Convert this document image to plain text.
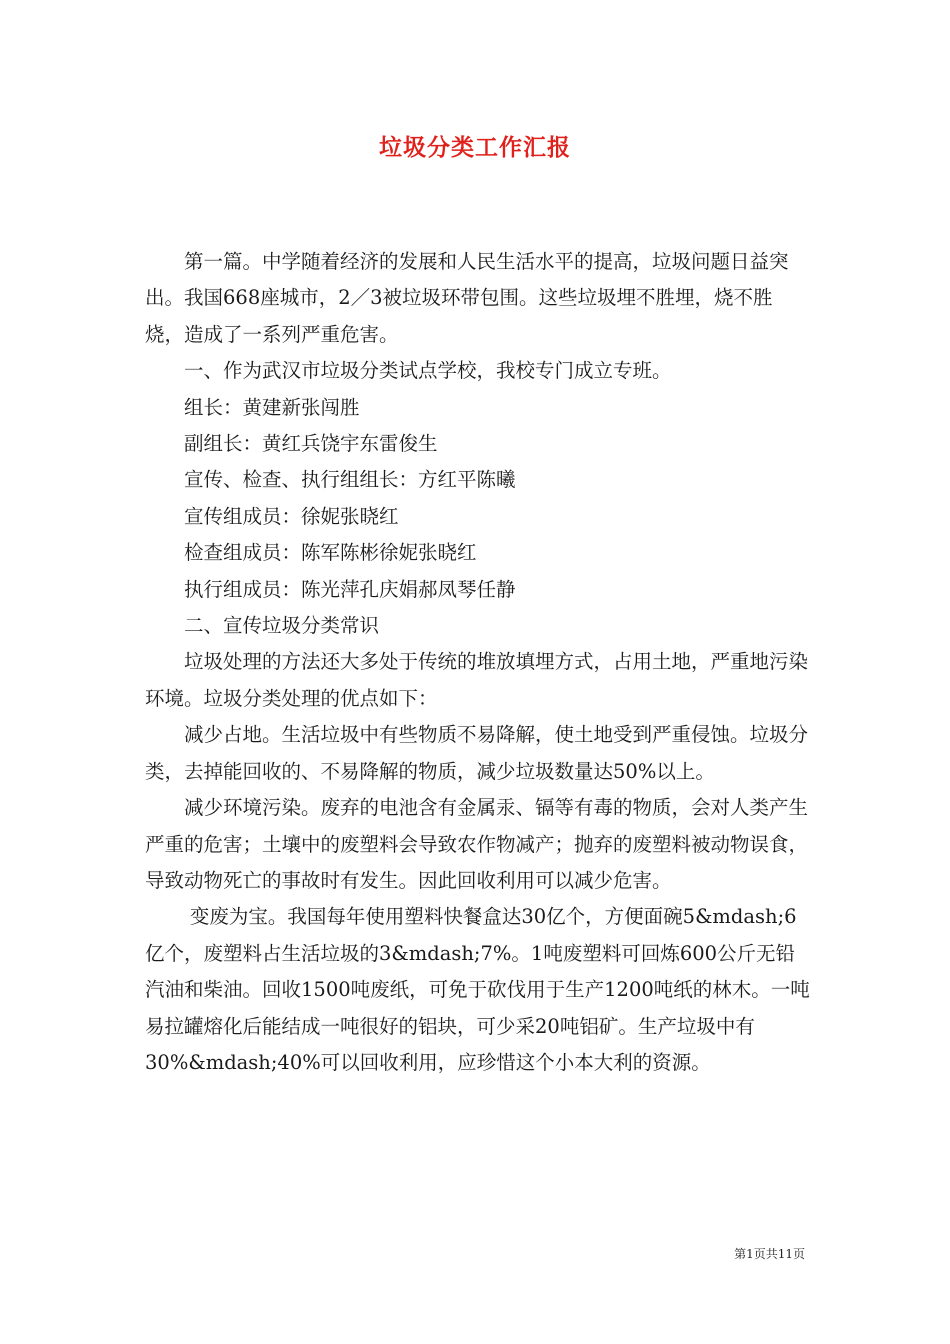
垃圾分类工作汇报

第一篇。中学随着经济的发展和人民生活水平的提高，垃圾问题日益突出。我国668座城市，2／3被垃圾环带包围。这些垃圾埋不胜埋，烧不胜烧，造成了一系列严重危害。

一、作为武汉市垃圾分类试点学校，我校专门成立专班。

组长：黄建新张闯胜

副组长：黄红兵饶宇东雷俊生

宣传、检查、执行组组长：方红平陈曦

宣传组成员：徐妮张晓红

检查组成员：陈军陈彬徐妮张晓红

执行组成员：陈光萍孔庆娟郝凤琴任静

二、宣传垃圾分类常识

垃圾处理的方法还大多处于传统的堆放填埋方式，占用土地，严重地污染环境。垃圾分类处理的优点如下：

减少占地。生活垃圾中有些物质不易降解，使土地受到严重侵蚀。垃圾分类，去掉能回收的、不易降解的物质，减少垃圾数量达50%以上。

减少环境污染。废弃的电池含有金属汞、镉等有毒的物质，会对人类产生严重的危害；土壤中的废塑料会导致农作物减产；抛弃的废塑料被动物误食，导致动物死亡的事故时有发生。因此回收利用可以减少危害。

变废为宝。我国每年使用塑料快餐盒达30亿个，方便面碗5&mdash;6亿个，废塑料占生活垃圾的3&mdash;7%。1吨废塑料可回炼600公斤无铅汽油和柴油。回收1500吨废纸，可免于砍伐用于生产1200吨纸的林木。一吨易拉罐熔化后能结成一吨很好的铝块，可少采20吨铝矿。生产垃圾中有30%&mdash;40%可以回收利用，应珍惜这个小本大利的资源。

第1页共11页
